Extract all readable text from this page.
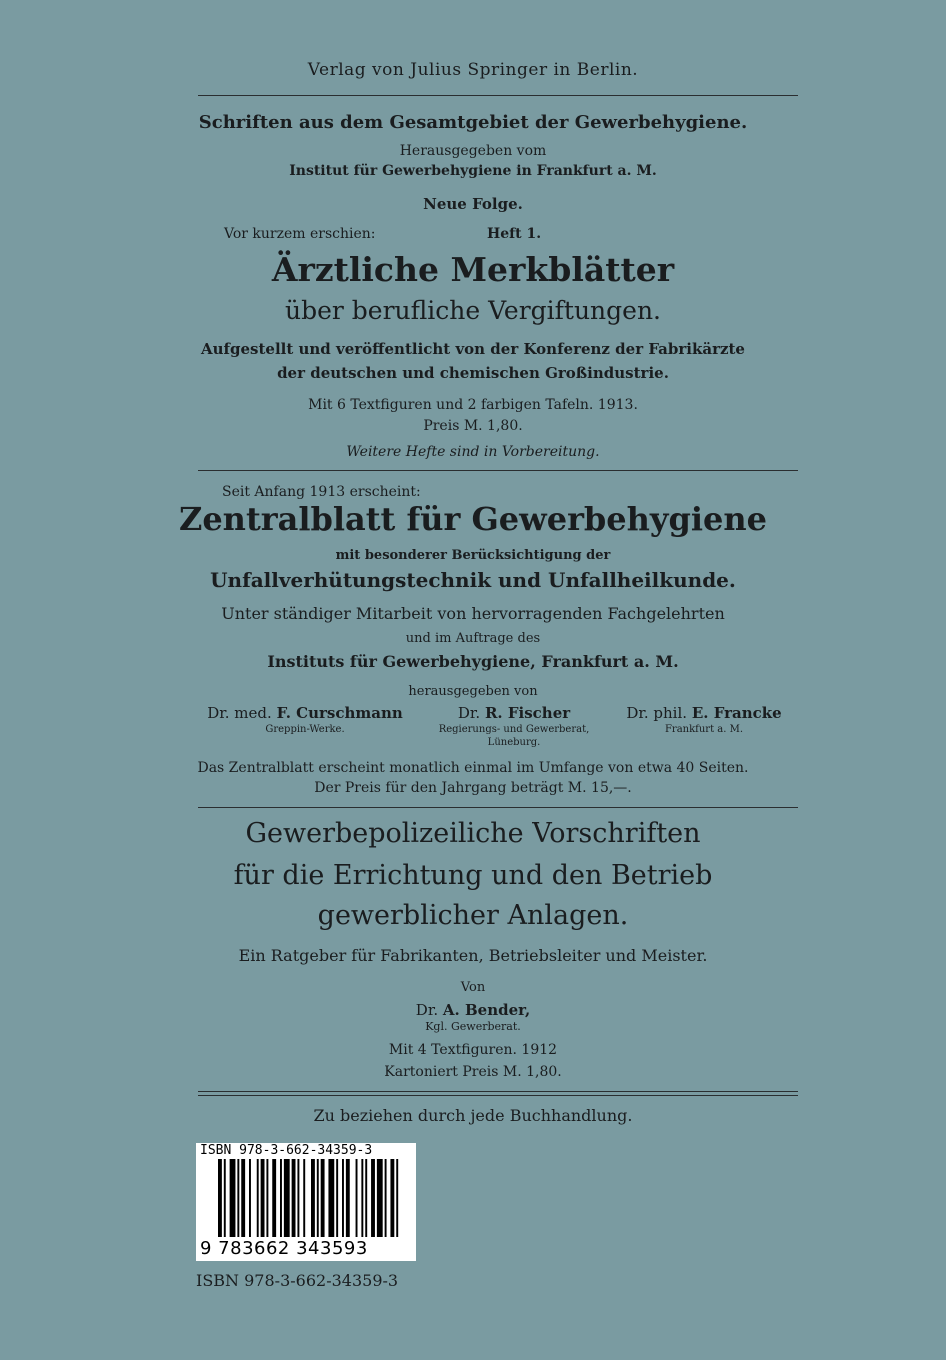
Verlag von Julius Springer in Berlin.
Schriften aus dem Gesamtgebiet der Gewerbehygiene.
Herausgegeben vom
Institut für Gewerbehygiene in Frankfurt a. M.
Neue Folge.
Vor kurzem erschien:	Heft 1.
Ärztliche Merkblätter
über berufliche Vergiftungen.
Aufgestellt und veröffentlicht von der Konferenz der Fabrikärzte
der deutschen und chemischen Großindustrie.
Mit 6 Textfiguren und 2 farbigen Tafeln. 1913.
Preis M. 1,80.
Weitere Hefte sind in Vorbereitung.
Seit Anfang 1913 erscheint:
Zentralblatt für Gewerbehygiene
mit besonderer Berücksichtigung der
Unfallverhütungstechnik und Unfallheilkunde.
Unter ständiger Mitarbeit von hervorragenden Fachgelehrten
und im Auftrage des
Instituts für Gewerbehygiene, Frankfurt a. M.
herausgegeben von
Dr. med. F. Curschmann
Greppin-Werke.
Dr. R. Fischer
Regierungs- und Gewerberat,
Lüneburg.
Dr. phil. E. Francke
Frankfurt a. M.
Das Zentralblatt erscheint monatlich einmal im Umfange von etwa 40 Seiten.
Der Preis für den Jahrgang beträgt M. 15,—.
Gewerbepolizeiliche Vorschriften
für die Errichtung und den Betrieb
gewerblicher Anlagen.
Ein Ratgeber für Fabrikanten, Betriebsleiter und Meister.
Von
Dr. A. Bender,
Kgl. Gewerberat.
Mit 4 Textfiguren. 1912
Kartoniert Preis M. 1,80.
Zu beziehen durch jede Buchhandlung.
ISBN 978-3-662-34359-3
9 783662 343593
ISBN 978-3-662-34359-3
